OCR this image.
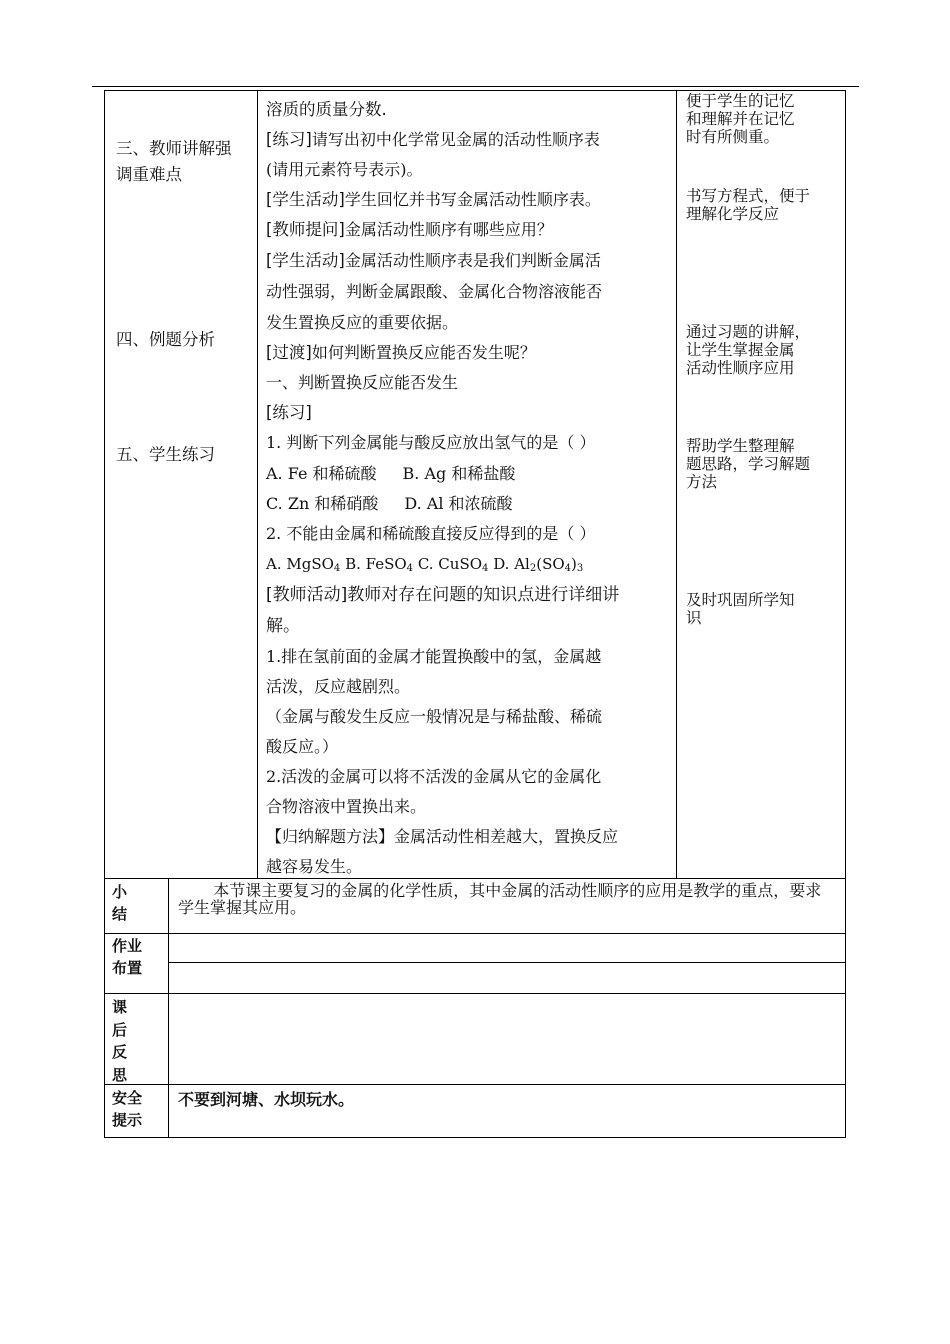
三、教师讲解强
调重难点
四、例题分析
五、学生练习
溶质的质量分数.
[练习]请写出初中化学常见金属的活动性顺序表
(请用元素符号表示)。
[学生活动]学生回忆并书写金属活动性顺序表。
[教师提问]金属活动性顺序有哪些应用？
[学生活动]金属活动性顺序表是我们判断金属活
动性强弱，判断金属跟酸、金属化合物溶液能否
发生置换反应的重要依据。
[过渡]如何判断置换反应能否发生呢？
一、判断置换反应能否发生
[练习]
1. 判断下列金属能与酸反应放出氢气的是（ ）
A. Fe 和稀硫酸 B. Ag 和稀盐酸
C. Zn 和稀硝酸 D. Al 和浓硫酸
2. 不能由金属和稀硫酸直接反应得到的是（ ）
A. MgSO$_4$ B. FeSO$_4$ C. CuSO$_4$ D. $Al_2(SO_4)_3$
[教师活动]教师对存在问题的知识点进行详细讲
解。
1.排在氢前面的金属才能置换酸中的氢，金属越
活泼，反应越剧烈。
（金属与酸发生反应一般情况是与稀盐酸、稀硫
酸反应。）
2.活泼的金属可以将不活泼的金属从它的金属化
合物溶液中置换出来。
【归纳解题方法】金属活动性相差越大，置换反应
越容易发生。
便于学生的记忆
和理解并在记忆
时有所侧重。
书写方程式，便于
理解化学反应
通过习题的讲解，
让学生掌握金属
活动性顺序应用
帮助学生整理解
题思路，学习解题
方法
及时巩固所学知
识
小
结
本节课主要复习的金属的化学性质，其中金属的活动性顺序的应用是教学的重点，要求学生掌握其应用。
作业
布置
课
后
反
思
安全
提示
不要到河塘、水坝玩水。
